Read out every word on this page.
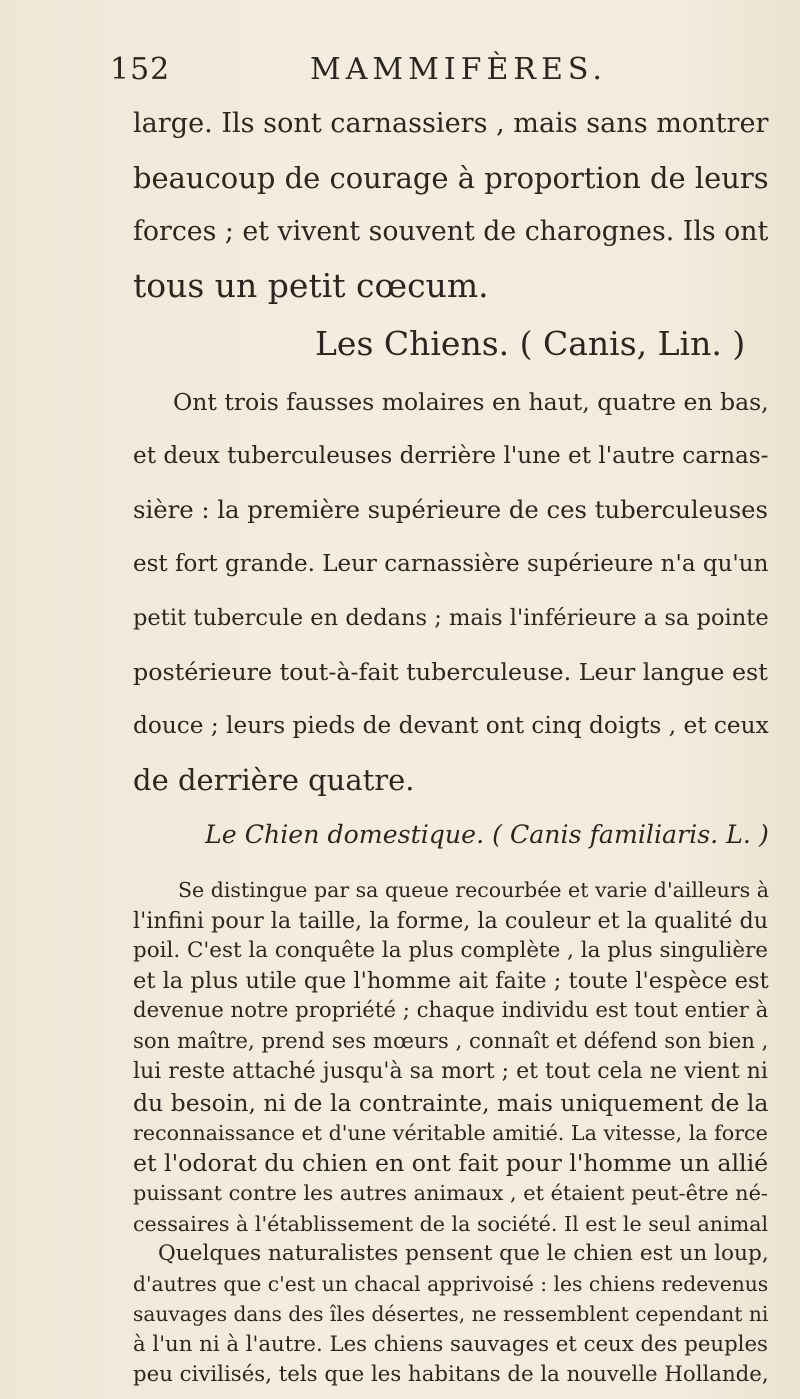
152	MAMMIFÈRES.

large. Ils sont carnassiers , mais sans montrer

beaucoup de courage à proportion de leurs

forces ; et vivent souvent de charognes. Ils ont

tous un petit cœcum.

Les Chiens. ( Canis, Lin. )

Ont trois fausses molaires en haut, quatre en bas,

et deux tuberculeuses derrière l'une et l'autre carnas-

sière : la première supérieure de ces tuberculeuses

est fort grande. Leur carnassière supérieure n'a qu'un

petit tubercule en dedans ; mais l'inférieure a sa pointe

postérieure tout-à-fait tuberculeuse. Leur langue est

douce ; leurs pieds de devant ont cinq doigts , et ceux

de derrière quatre.

Le Chien domestique. ( Canis familiaris. L. )

Se distingue par sa queue recourbée et varie d'ailleurs à

l'infini pour la taille, la forme, la couleur et la qualité du

poil. C'est la conquête la plus complète , la plus singulière

et la plus utile que l'homme ait faite ; toute l'espèce est

devenue notre propriété ; chaque individu est tout entier à

son maître, prend ses mœurs , connaît et défend son bien ,

lui reste attaché jusqu'à sa mort ; et tout cela ne vient ni

du besoin, ni de la contrainte, mais uniquement de la

reconnaissance et d'une véritable amitié. La vitesse, la force

et l'odorat du chien en ont fait pour l'homme un allié

puissant contre les autres animaux , et étaient peut-être né-

cessaires à l'établissement de la société. Il est le seul animal

Quelques naturalistes pensent que le chien est un loup,

d'autres que c'est un chacal apprivoisé : les chiens redevenus

sauvages dans des îles désertes, ne ressemblent cependant ni

à l'un ni à l'autre. Les chiens sauvages et ceux des peuples

peu civilisés, tels que les habitans de la nouvelle Hollande,
